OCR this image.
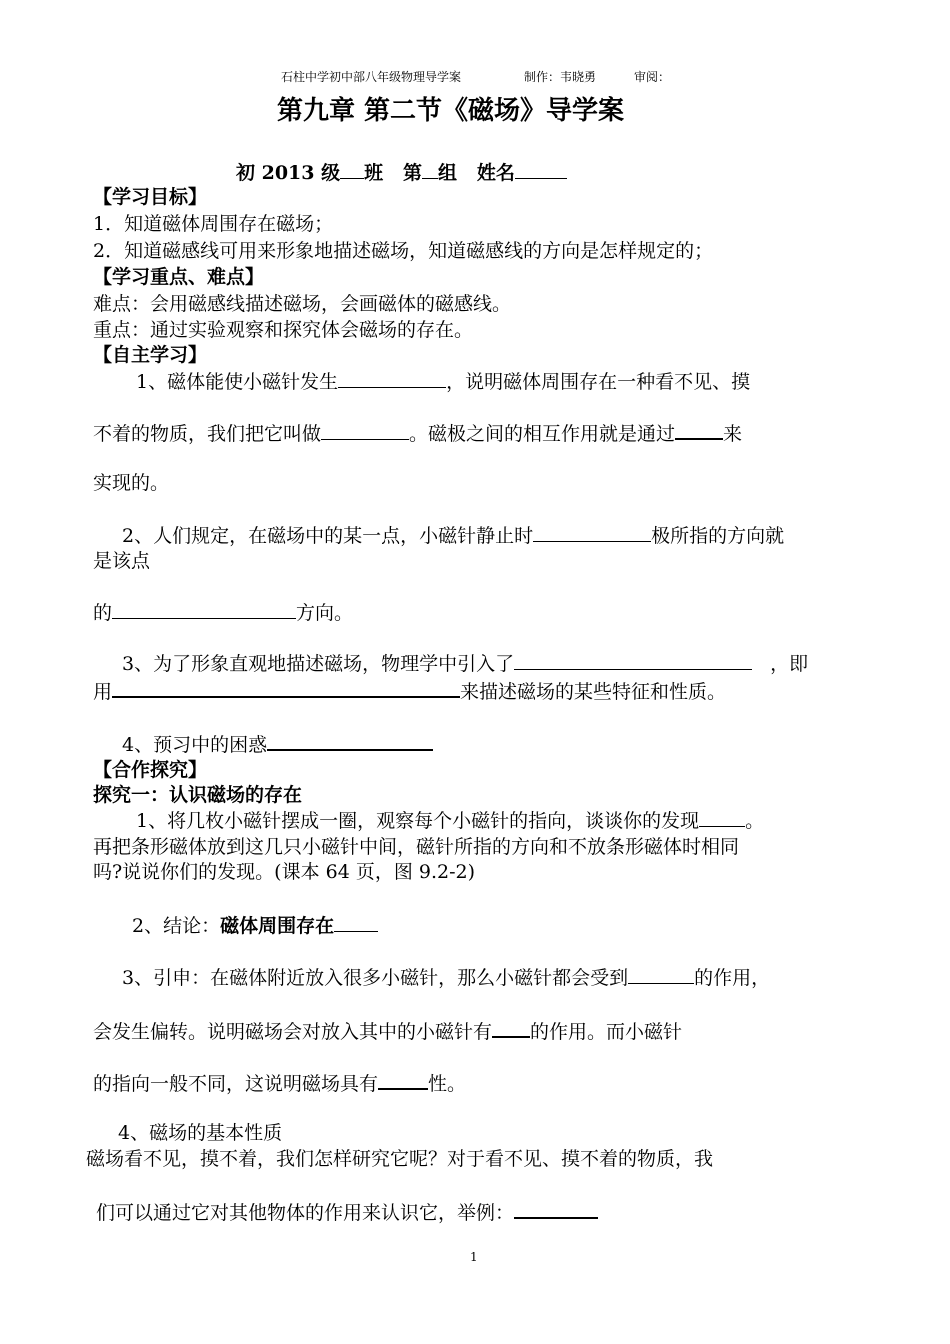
石柱中学初中部八年级物理导学案	制作：韦晓勇	审阅：
第九章 第二节《磁场》导学案
初 2013 级 班 第 组 姓名
【学习目标】
1．知道磁体周围存在磁场；
2．知道磁感线可用来形象地描述磁场，知道磁感线的方向是怎样规定的；
【学习重点、难点】
难点：会用磁感线描述磁场，会画磁体的磁感线。
重点：通过实验观察和探究体会磁场的存在。
【自主学习】
1、磁体能使小磁针发生	，说明磁体周围存在一种看不见、摸
不着的物质，我们把它叫做	。磁极之间的相互作用就是通过	来
实现的。
2、人们规定，在磁场中的某一点，小磁针静止时	极所指的方向就
是该点
的	方向。
3、为了形象直观地描述磁场，物理学中引入了	，即
用	来描述磁场的某些特征和性质。
4、预习中的困惑
【合作探究】
探究一：认识磁场的存在
1、将几枚小磁针摆成一圈，观察每个小磁针的指向，谈谈你的发现 。
再把条形磁体放到这几只小磁针中间，磁针所指的方向和不放条形磁体时相同
吗?说说你们的发现。(课本 64 页，图 9.2-2)
2、结论：磁体周围存在
3、引申：在磁体附近放入很多小磁针，那么小磁针都会受到	的作用，
会发生偏转。说明磁场会对放入其中的小磁针有 的作用。而小磁针
的指向一般不同，这说明磁场具有	性。
4、磁场的基本性质
磁场看不见，摸不着，我们怎样研究它呢？对于看不见、摸不着的物质，我
们可以通过它对其他物体的作用来认识它，举例：
1
